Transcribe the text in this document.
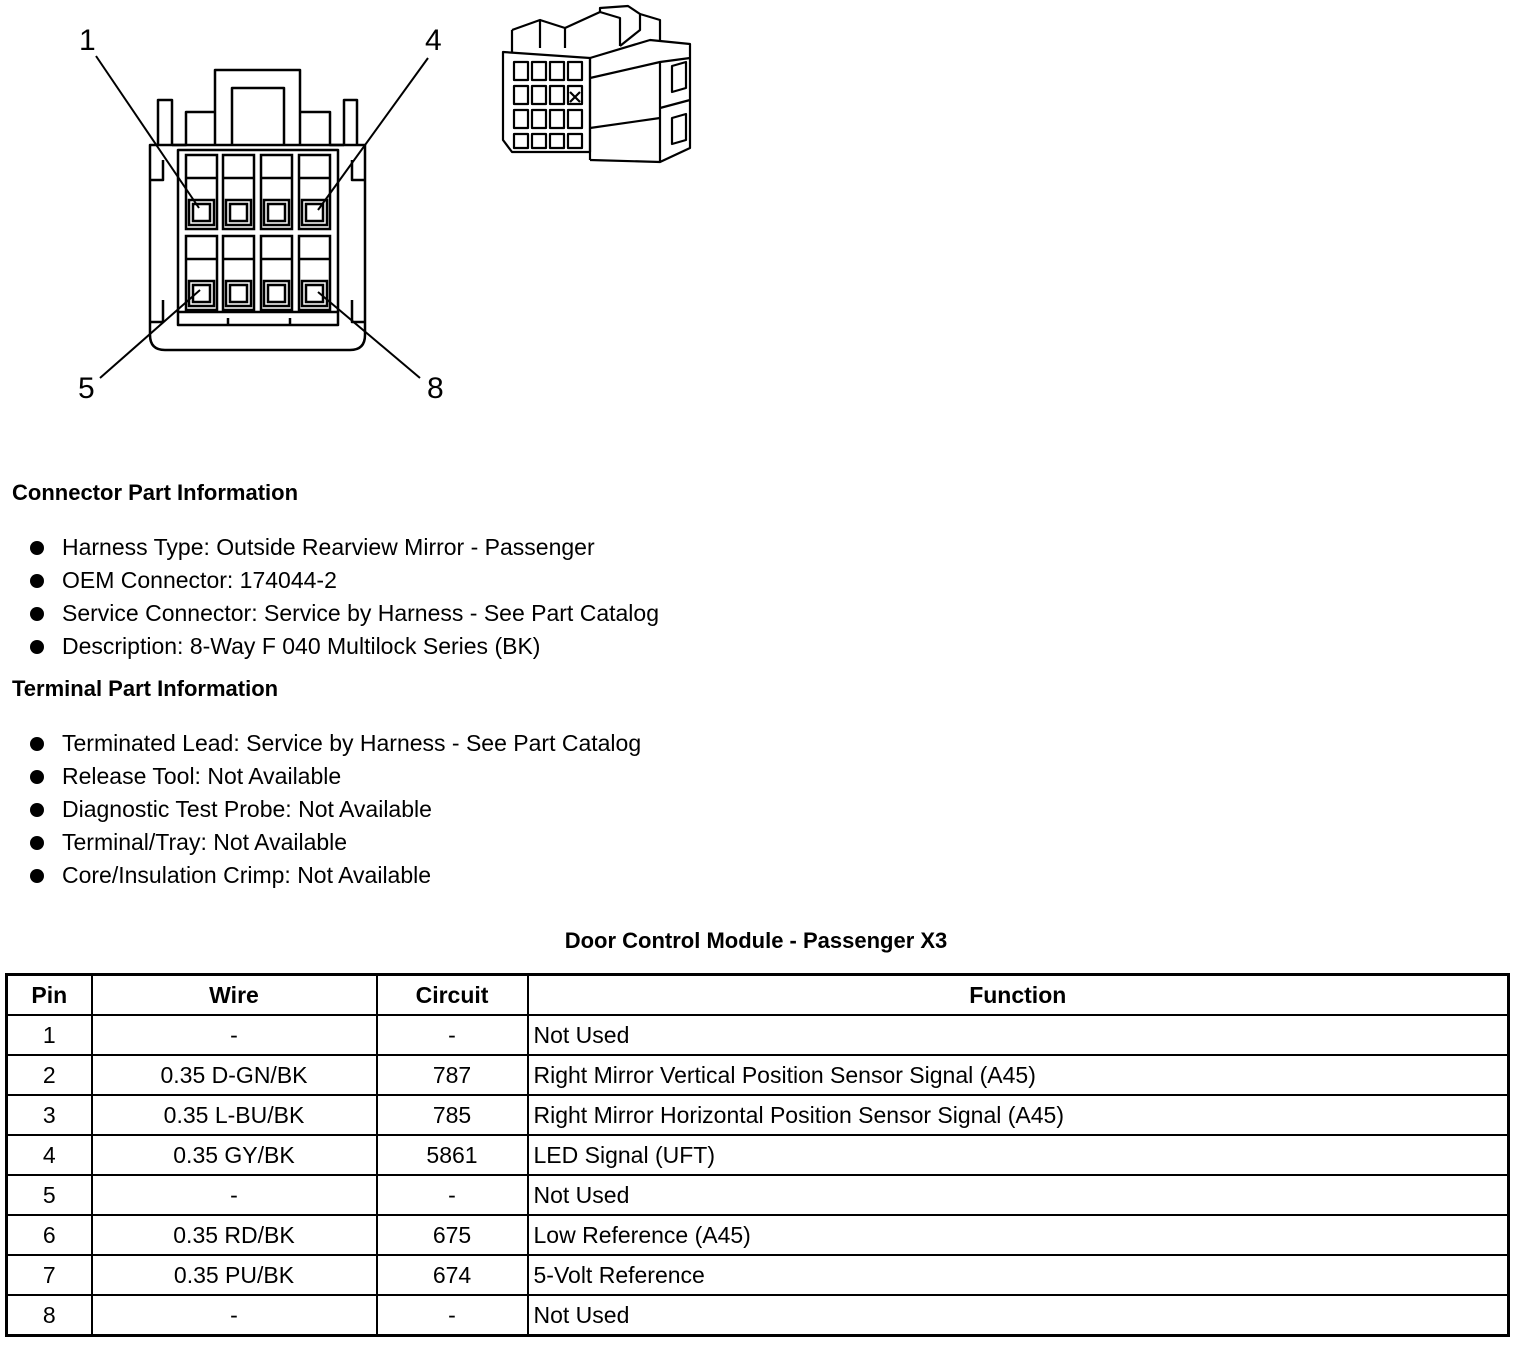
1	4
5	8
Connector Part Information
Harness Type: Outside Rearview Mirror - Passenger
OEM Connector: 174044-2
Service Connector: Service by Harness - See Part Catalog
Description: 8-Way F 040 Multilock Series (BK)
Terminal Part Information
Terminated Lead: Service by Harness - See Part Catalog
Release Tool: Not Available
Diagnostic Test Probe: Not Available
Terminal/Tray: Not Available
Core/Insulation Crimp: Not Available
Door Control Module - Passenger X3
Pin	Wire	Circuit	Function
1	-	-	Not Used
2	0.35 D-GN/BK	787	Right Mirror Vertical Position Sensor Signal (A45)
3	0.35 L-BU/BK	785	Right Mirror Horizontal Position Sensor Signal (A45)
4	0.35 GY/BK	5861	LED Signal (UFT)
5	-	-	Not Used
6	0.35 RD/BK	675	Low Reference (A45)
7	0.35 PU/BK	674	5-Volt Reference
8	-	-	Not Used
